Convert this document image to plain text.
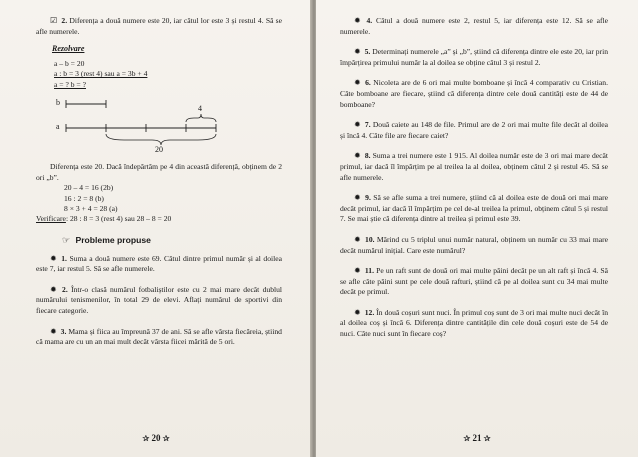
☑ 2. Diferența a două numere este 20, iar câtul lor este 3 și restul 4. Să se afle numerele.

Rezolvare

a – b = 20

a : b = 3 (rest 4) sau a = 3b + 4

a = ? b = ?

b
a
4
20

Diferența este 20. Dacă îndepărtăm pe 4 din această diferență, obținem de 2 ori „b”.

20 – 4 = 16 (2b)

16 : 2 = 8 (b)

8 × 3 + 4 = 28 (a)

Verificare: 28 : 8 = 3 (rest 4) sau 28 – 8 = 20

☞ Probleme propuse

✹ 1. Suma a două numere este 69. Câtul dintre primul număr și al doilea este 7, iar restul 5. Să se afle numerele.

✹ 2. Într-o clasă numărul fotbaliștilor este cu 2 mai mare decât dublul numărului tenismenilor, în total 29 de elevi. Aflați numărul de sportivi din fiecare categorie.

✹ 3. Mama și fiica au împreună 37 de ani. Să se afle vârsta fiecăreia, știind că mama are cu un an mai mult decât vârsta fiicei mărită de 5 ori.

✰ 20 ✰

✹ 4. Câtul a două numere este 2, restul 5, iar diferența este 12. Să se afle numerele.

✹ 5. Determinați numerele „a” și „b”, știind că diferența dintre ele este 20, iar prin împărțirea primului număr la al doilea se obține câtul 3 și restul 2.

✹ 6. Nicoleta are de 6 ori mai multe bomboane și încă 4 comparativ cu Cristian. Câte bomboane are fiecare, știind că diferența dintre cele două cantități este de 44 de bomboane?

✹ 7. Două caiete au 148 de file. Primul are de 2 ori mai multe file decât al doilea și încă 4. Câte file are fiecare caiet?

✹ 8. Suma a trei numere este 1 915. Al doilea număr este de 3 ori mai mare decât primul, iar dacă îl împărțim pe al treilea la al doilea, obținem câtul 2 și restul 45. Să se afle numerele.

✹ 9. Să se afle suma a trei numere, știind că al doilea este de două ori mai mare decât primul, iar dacă îl împărțim pe cel de-al treilea la primul, obținem câtul 5 și restul 7. Se mai știe că diferența dintre al treilea și primul este 39.

✹ 10. Mărind cu 5 triplul unui număr natural, obținem un număr cu 33 mai mare decât numărul inițial. Care este numărul?

✹ 11. Pe un raft sunt de două ori mai multe pâini decât pe un alt raft și încă 4. Să se afle câte pâini sunt pe cele două rafturi, știind că pe al doilea sunt cu 34 mai multe decât pe primul.

✹ 12. În două coșuri sunt nuci. În primul coș sunt de 3 ori mai multe nuci decât în al doilea coș și încă 6. Diferența dintre cantitățile din cele două coșuri este de 54 de nuci. Câte nuci sunt în fiecare coș?

✰ 21 ✰
